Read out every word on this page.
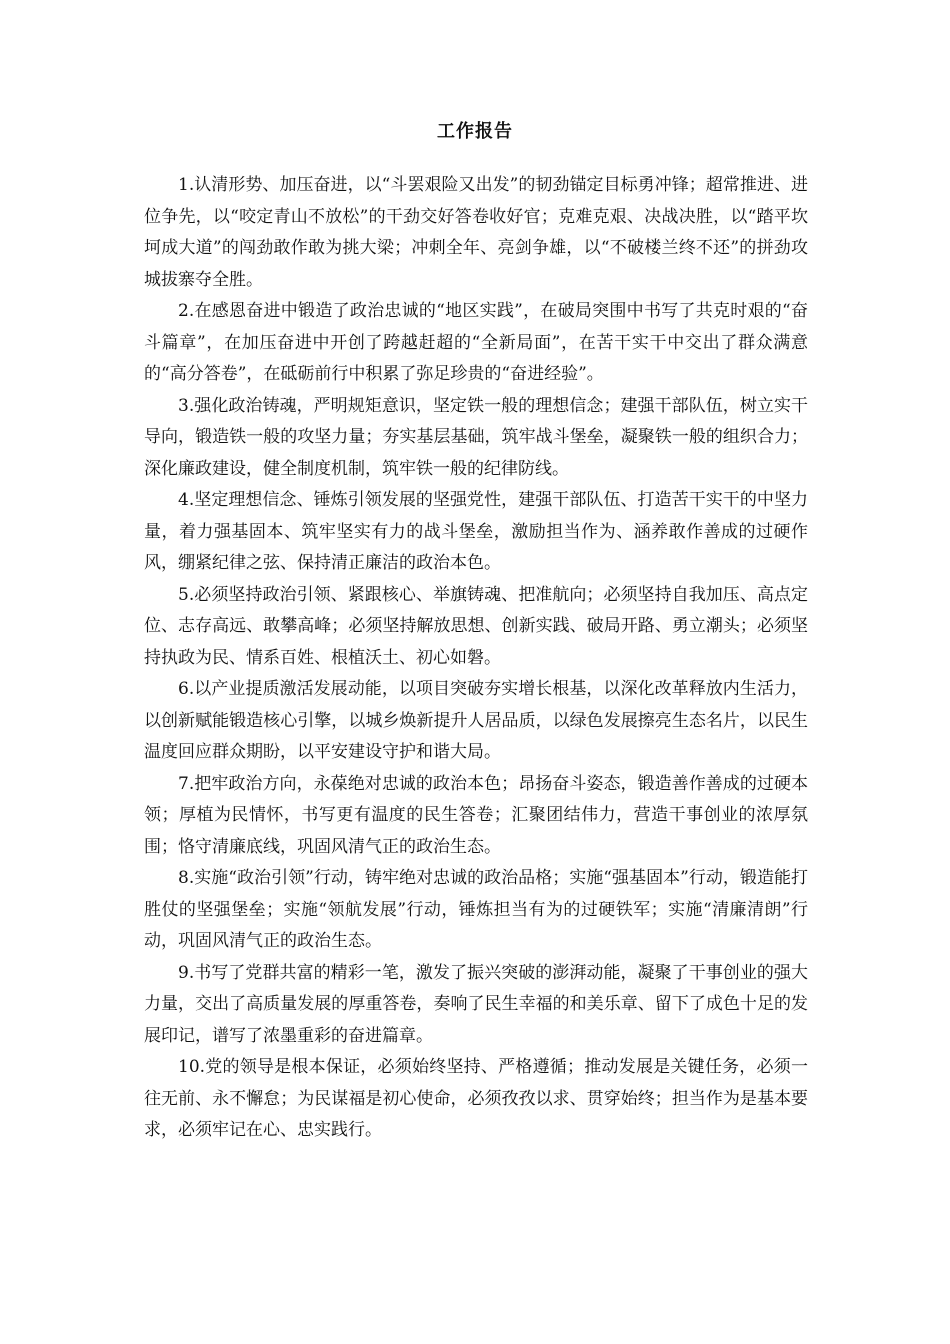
工作报告

1.认清形势、加压奋进，以“斗罢艰险又出发”的韧劲锚定目标勇冲锋；超常推进、进位争先，以“咬定青山不放松”的干劲交好答卷收好官；克难克艰、决战决胜，以“踏平坎坷成大道”的闯劲敢作敢为挑大梁；冲刺全年、亮剑争雄，以“不破楼兰终不还”的拼劲攻城拔寨夺全胜。

2.在感恩奋进中锻造了政治忠诚的“地区实践”，在破局突围中书写了共克时艰的“奋斗篇章”，在加压奋进中开创了跨越赶超的“全新局面”，在苦干实干中交出了群众满意的“高分答卷”，在砥砺前行中积累了弥足珍贵的“奋进经验”。

3.强化政治铸魂，严明规矩意识，坚定铁一般的理想信念；建强干部队伍，树立实干导向，锻造铁一般的攻坚力量；夯实基层基础，筑牢战斗堡垒，凝聚铁一般的组织合力；深化廉政建设，健全制度机制，筑牢铁一般的纪律防线。

4.坚定理想信念、锤炼引领发展的坚强党性，建强干部队伍、打造苦干实干的中坚力量，着力强基固本、筑牢坚实有力的战斗堡垒，激励担当作为、涵养敢作善成的过硬作风，绷紧纪律之弦、保持清正廉洁的政治本色。

5.必须坚持政治引领、紧跟核心、举旗铸魂、把准航向；必须坚持自我加压、高点定位、志存高远、敢攀高峰；必须坚持解放思想、创新实践、破局开路、勇立潮头；必须坚持执政为民、情系百姓、根植沃土、初心如磐。

6.以产业提质激活发展动能，以项目突破夯实增长根基，以深化改革释放内生活力，以创新赋能锻造核心引擎，以城乡焕新提升人居品质，以绿色发展擦亮生态名片，以民生温度回应群众期盼，以平安建设守护和谐大局。

7.把牢政治方向，永葆绝对忠诚的政治本色；昂扬奋斗姿态，锻造善作善成的过硬本领；厚植为民情怀，书写更有温度的民生答卷；汇聚团结伟力，营造干事创业的浓厚氛围；恪守清廉底线，巩固风清气正的政治生态。

8.实施“政治引领”行动，铸牢绝对忠诚的政治品格；实施“强基固本”行动，锻造能打胜仗的坚强堡垒；实施“领航发展”行动，锤炼担当有为的过硬铁军；实施“清廉清朗”行动，巩固风清气正的政治生态。

9.书写了党群共富的精彩一笔，激发了振兴突破的澎湃动能，凝聚了干事创业的强大力量，交出了高质量发展的厚重答卷，奏响了民生幸福的和美乐章、留下了成色十足的发展印记，谱写了浓墨重彩的奋进篇章。

10.党的领导是根本保证，必须始终坚持、严格遵循；推动发展是关键任务，必须一往无前、永不懈怠；为民谋福是初心使命，必须孜孜以求、贯穿始终；担当作为是基本要求，必须牢记在心、忠实践行。
